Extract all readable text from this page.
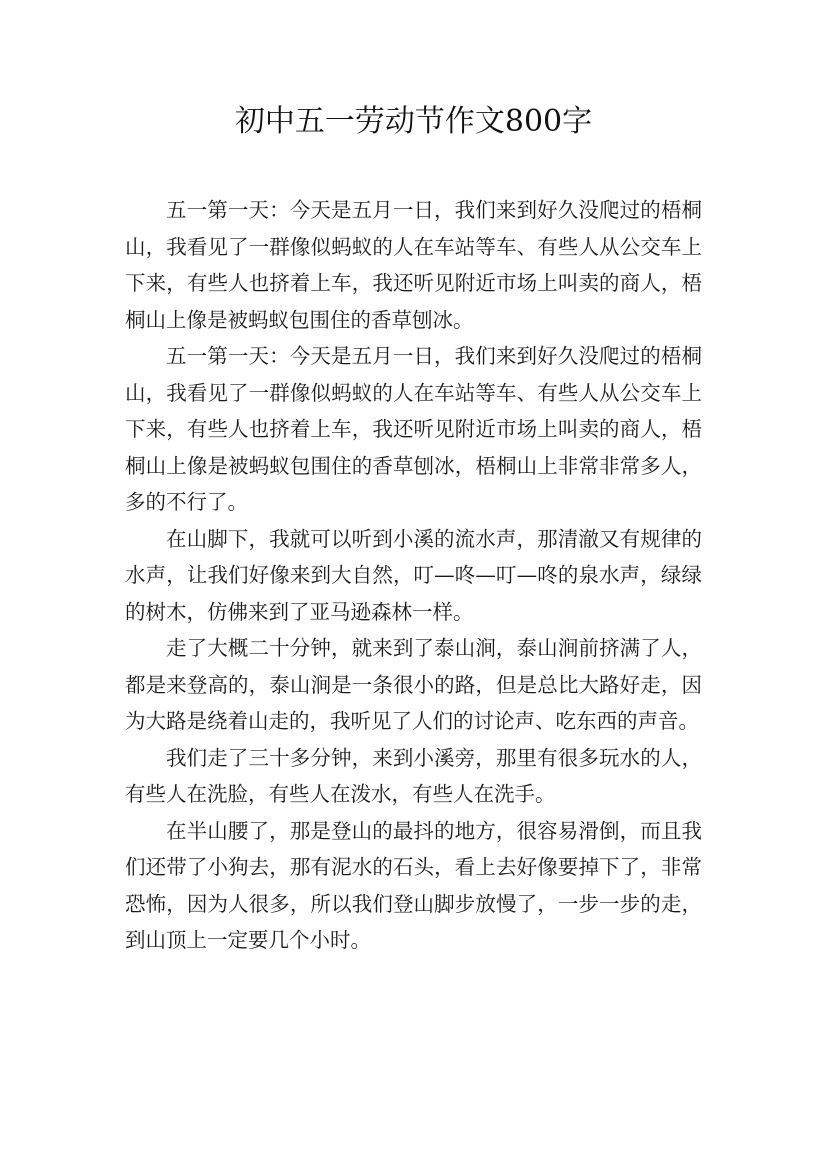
初中五一劳动节作文800字

五一第一天：今天是五月一日，我们来到好久没爬过的梧桐山，我看见了一群像似蚂蚁的人在车站等车、有些人从公交车上下来，有些人也挤着上车，我还听见附近市场上叫卖的商人，梧桐山上像是被蚂蚁包围住的香草刨冰。

五一第一天：今天是五月一日，我们来到好久没爬过的梧桐山，我看见了一群像似蚂蚁的人在车站等车、有些人从公交车上下来，有些人也挤着上车，我还听见附近市场上叫卖的商人，梧桐山上像是被蚂蚁包围住的香草刨冰，梧桐山上非常非常多人，多的不行了。

在山脚下，我就可以听到小溪的流水声，那清澈又有规律的水声，让我们好像来到大自然，叮—咚—叮—咚的泉水声，绿绿的树木，仿佛来到了亚马逊森林一样。

走了大概二十分钟，就来到了泰山涧，泰山涧前挤满了人，都是来登高的，泰山涧是一条很小的路，但是总比大路好走，因为大路是绕着山走的，我听见了人们的讨论声、吃东西的声音。

我们走了三十多分钟，来到小溪旁，那里有很多玩水的人，有些人在洗脸，有些人在泼水，有些人在洗手。

在半山腰了，那是登山的最抖的地方，很容易滑倒，而且我们还带了小狗去，那有泥水的石头，看上去好像要掉下了，非常恐怖，因为人很多，所以我们登山脚步放慢了，一步一步的走，到山顶上一定要几个小时。
